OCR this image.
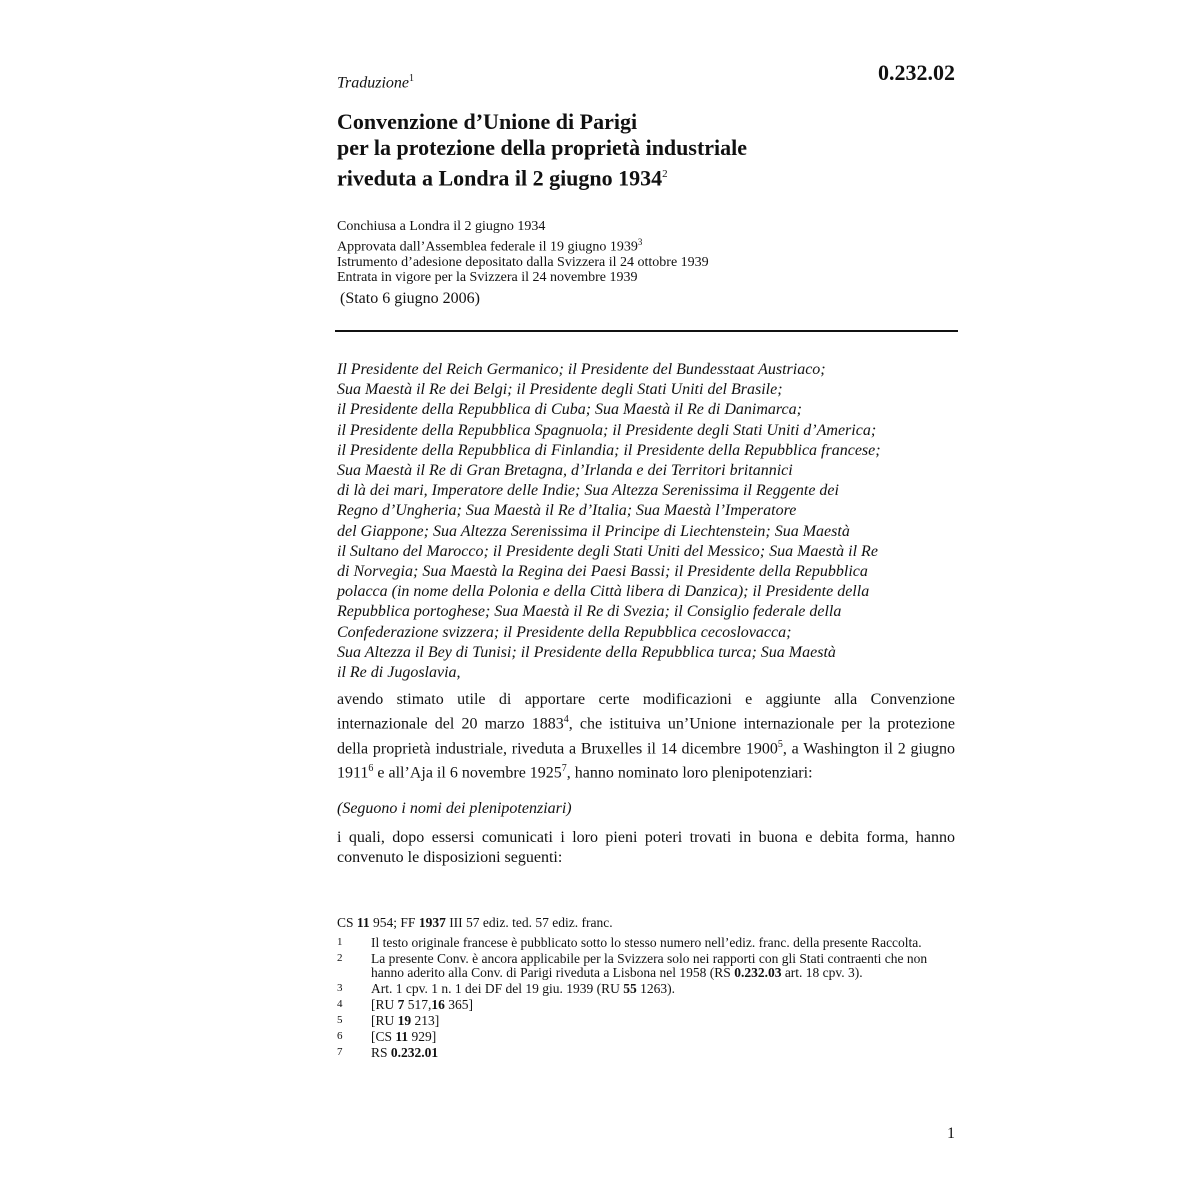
0.232.02
Traduzione$^1$
Convenzione d’Unione di Parigi
per la protezione della proprietà industriale
riveduta a Londra il 2 giugno 1934$^2$
Conchiusa a Londra il 2 giugno 1934
Approvata dall’Assemblea federale il 19 giugno 1939$^3$
Istrumento d’adesione depositato dalla Svizzera il 24 ottobre 1939
Entrata in vigore per la Svizzera il 24 novembre 1939
(Stato 6 giugno 2006)
Il Presidente del Reich Germanico; il Presidente del Bundesstaat Austriaco;
Sua Maestà il Re dei Belgi; il Presidente degli Stati Uniti del Brasile;
il Presidente della Repubblica di Cuba; Sua Maestà il Re di Danimarca;
il Presidente della Repubblica Spagnuola; il Presidente degli Stati Uniti d’America;
il Presidente della Repubblica di Finlandia; il Presidente della Repubblica francese;
Sua Maestà il Re di Gran Bretagna, d’Irlanda e dei Territori britannici
di là dei mari, Imperatore delle Indie; Sua Altezza Serenissima il Reggente dei
Regno d’Ungheria; Sua Maestà il Re d’Italia; Sua Maestà l’Imperatore
del Giappone; Sua Altezza Serenissima il Principe di Liechtenstein; Sua Maestà
il Sultano del Marocco; il Presidente degli Stati Uniti del Messico; Sua Maestà il Re
di Norvegia; Sua Maestà la Regina dei Paesi Bassi; il Presidente della Repubblica
polacca (in nome della Polonia e della Città libera di Danzica); il Presidente della
Repubblica portoghese; Sua Maestà il Re di Svezia; il Consiglio federale della
Confederazione svizzera; il Presidente della Repubblica cecoslovacca;
Sua Altezza il Bey di Tunisi; il Presidente della Repubblica turca; Sua Maestà
il Re di Jugoslavia,
avendo stimato utile di apportare certe modificazioni e aggiunte alla Convenzione internazionale del 20 marzo 1883$^4$, che istituiva un’Unione internazionale per la protezione della proprietà industriale, riveduta a Bruxelles il 14 dicembre 1900$^5$, a Washington il 2 giugno 1911$^6$ e all’Aja il 6 novembre 1925$^7$, hanno nominato loro plenipotenziari:
(Seguono i nomi dei plenipotenziari)
i quali, dopo essersi comunicati i loro pieni poteri trovati in buona e debita forma, hanno convenuto le disposizioni seguenti:
CS 11 954; FF 1937 III 57 ediz. ted. 57 ediz. franc.
1	Il testo originale francese è pubblicato sotto lo stesso numero nell’ediz. franc. della presente Raccolta.
2	La presente Conv. è ancora applicabile per la Svizzera solo nei rapporti con gli Stati contraenti che non hanno aderito alla Conv. di Parigi riveduta a Lisbona nel 1958 (RS 0.232.03 art. 18 cpv. 3).
3	Art. 1 cpv. 1 n. 1 dei DF del 19 giu. 1939 (RU 55 1263).
4	[RU 7 517,16 365]
5	[RU 19 213]
6	[CS 11 929]
7	RS 0.232.01
1
